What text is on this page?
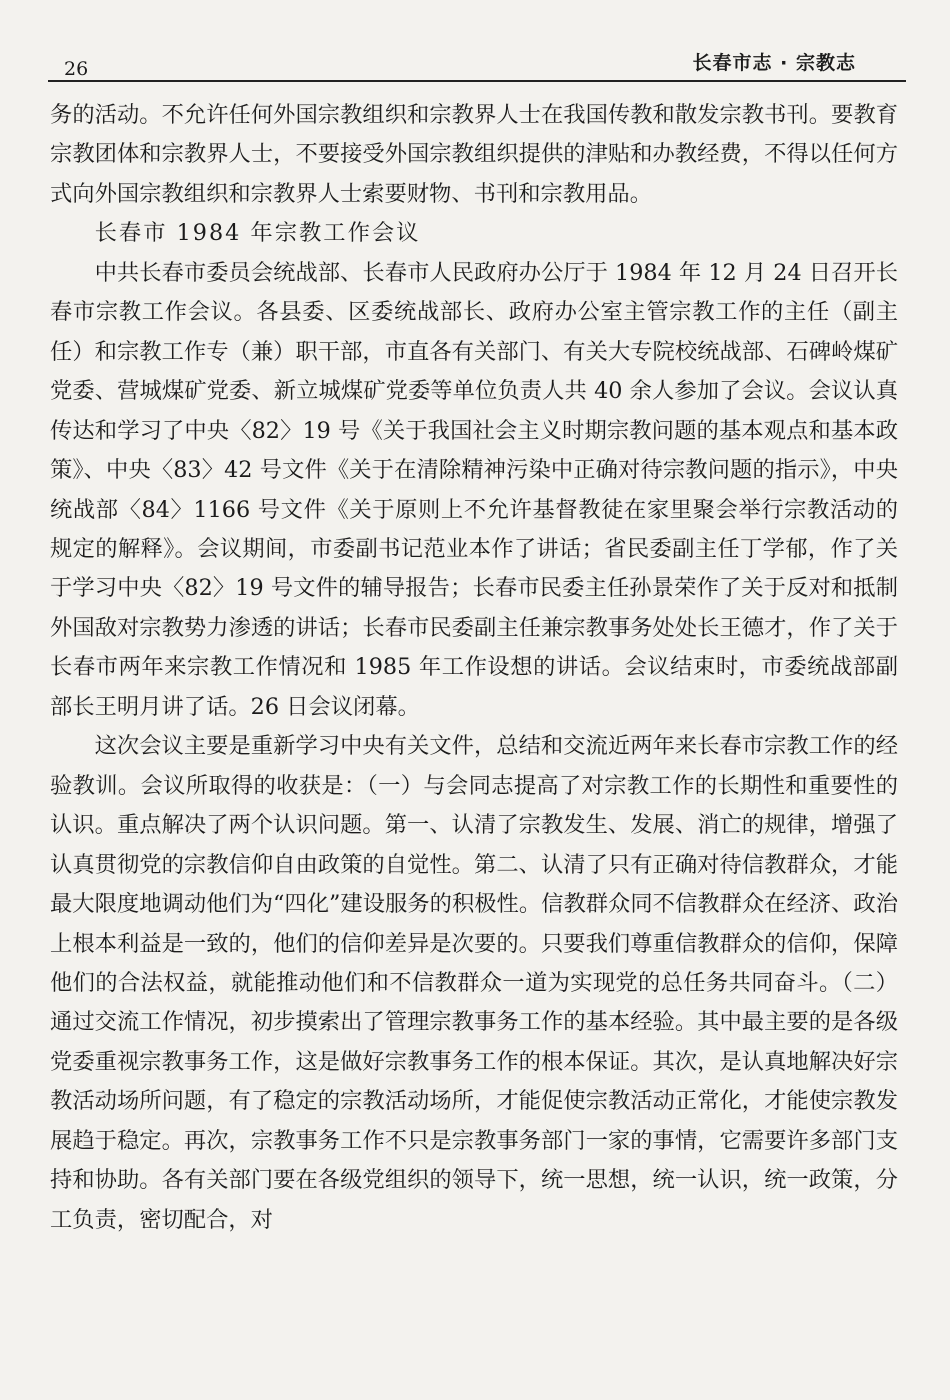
26	长春市志 · 宗教志

务的活动。不允许任何外国宗教组织和宗教界人士在我国传教和散发宗教书刊。要教育宗教团体和宗教界人士，不要接受外国宗教组织提供的津贴和办教经费，不得以任何方式向外国宗教组织和宗教界人士索要财物、书刊和宗教用品。

长春市 1984 年宗教工作会议

中共长春市委员会统战部、长春市人民政府办公厅于 1984 年 12 月 24 日召开长春市宗教工作会议。各县委、区委统战部长、政府办公室主管宗教工作的主任（副主任）和宗教工作专（兼）职干部，市直各有关部门、有关大专院校统战部、石碑岭煤矿党委、营城煤矿党委、新立城煤矿党委等单位负责人共 40 余人参加了会议。会议认真传达和学习了中央〈82〉19 号《关于我国社会主义时期宗教问题的基本观点和基本政策》、中央〈83〉42 号文件《关于在清除精神污染中正确对待宗教问题的指示》，中央统战部〈84〉1166 号文件《关于原则上不允许基督教徒在家里聚会举行宗教活动的规定的解释》。会议期间，市委副书记范业本作了讲话；省民委副主任丁学郁，作了关于学习中央〈82〉19 号文件的辅导报告；长春市民委主任孙景荣作了关于反对和抵制外国敌对宗教势力渗透的讲话；长春市民委副主任兼宗教事务处处长王德才，作了关于长春市两年来宗教工作情况和 1985 年工作设想的讲话。会议结束时，市委统战部副部长王明月讲了话。26 日会议闭幕。

这次会议主要是重新学习中央有关文件，总结和交流近两年来长春市宗教工作的经验教训。会议所取得的收获是：（一）与会同志提高了对宗教工作的长期性和重要性的认识。重点解决了两个认识问题。第一、认清了宗教发生、发展、消亡的规律，增强了认真贯彻党的宗教信仰自由政策的自觉性。第二、认清了只有正确对待信教群众，才能最大限度地调动他们为“四化”建设服务的积极性。信教群众同不信教群众在经济、政治上根本利益是一致的，他们的信仰差异是次要的。只要我们尊重信教群众的信仰，保障他们的合法权益，就能推动他们和不信教群众一道为实现党的总任务共同奋斗。（二）通过交流工作情况，初步摸索出了管理宗教事务工作的基本经验。其中最主要的是各级党委重视宗教事务工作，这是做好宗教事务工作的根本保证。其次，是认真地解决好宗教活动场所问题，有了稳定的宗教活动场所，才能促使宗教活动正常化，才能使宗教发展趋于稳定。再次，宗教事务工作不只是宗教事务部门一家的事情，它需要许多部门支持和协助。各有关部门要在各级党组织的领导下，统一思想，统一认识，统一政策，分工负责，密切配合，对
